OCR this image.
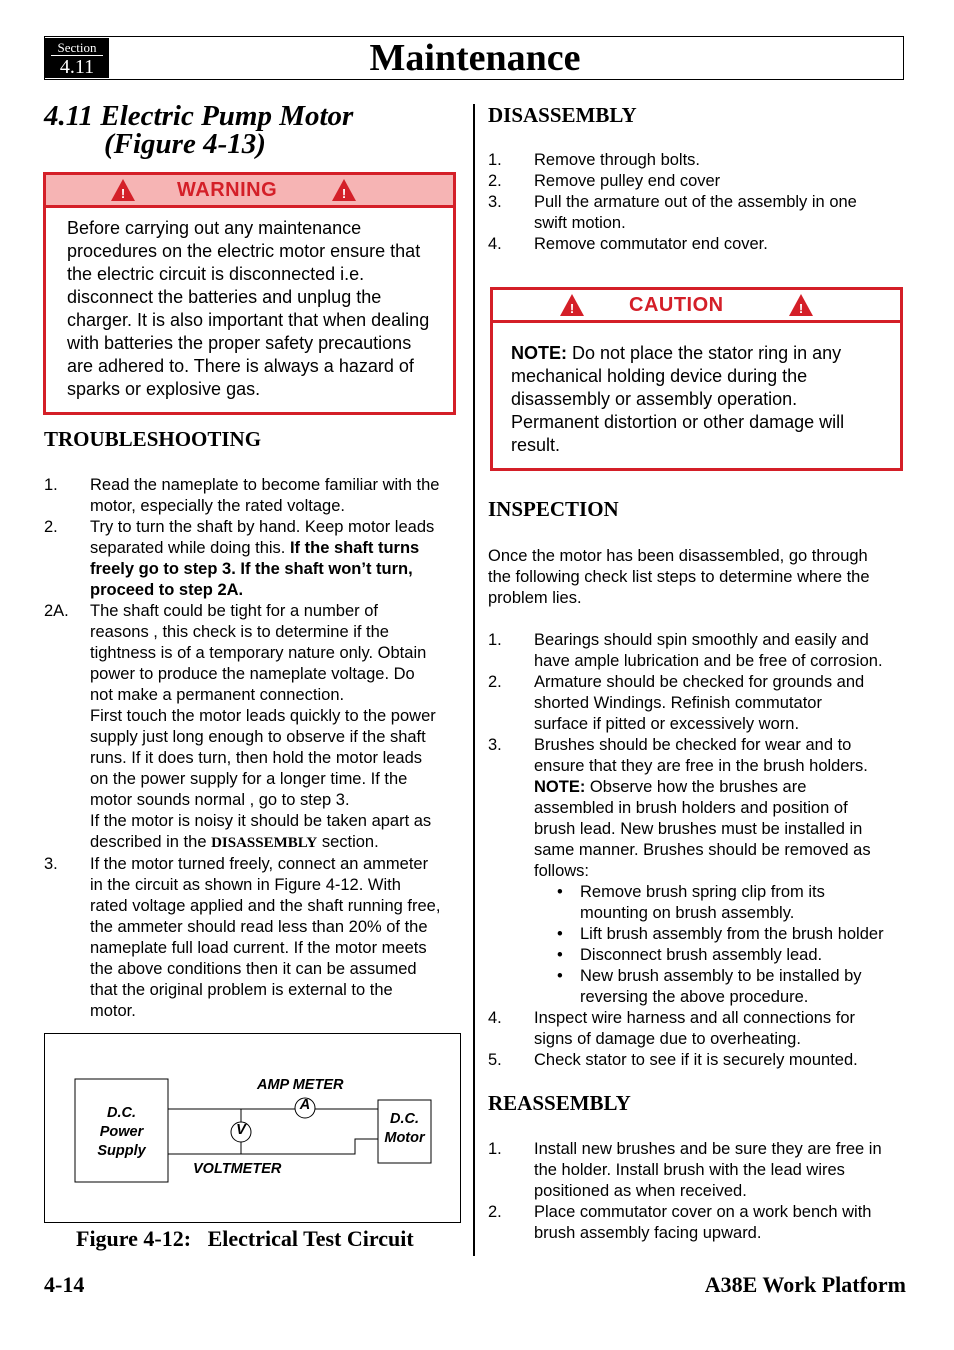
Section
4.11	Maintenance
4.11 Electric Pump Motor
(Figure 4-13)
!	WARNING	!
Before carrying out any maintenance
procedures on the electric motor ensure that
the electric circuit is disconnected i.e.
disconnect the batteries and unplug the
charger. It is also important that when dealing
with batteries the proper safety precautions
are adhered to. There is always a hazard of
sparks or explosive gas.
TROUBLESHOOTING
1. Read the nameplate to become familiar with the
motor, especially the rated voltage.
2. Try to turn the shaft by hand. Keep motor leads
separated while doing this. If the shaft turns
freely go to step 3. If the shaft won’t turn,
proceed to step 2A.
2A. The shaft could be tight for a number of
reasons , this check is to determine if the
tightness is of a temporary nature only. Obtain
power to produce the nameplate voltage. Do
not make a permanent connection.
First touch the motor leads quickly to the power
supply just long enough to observe if the shaft
runs. If it does turn, then hold the motor leads
on the power supply for a longer time. If the
motor sounds normal , go to step 3.
If the motor is noisy it should be taken apart as
described in the DISASSEMBLY section.
3. If the motor turned freely, connect an ammeter
in the circuit as shown in Figure 4-12. With
rated voltage applied and the shaft running free,
the ammeter should read less than 20% of the
nameplate full load current. If the motor meets
the above conditions then it can be assumed
that the original problem is external to the
motor.
D.C.
Power
Supply
D.C.
Motor
AMP METER
A
V
VOLTMETER
Figure 4-12:   Electrical Test Circuit
DISASSEMBLY
1. Remove through bolts.
2. Remove pulley end cover
3. Pull the armature out of the assembly in one
swift motion.
4. Remove commutator end cover.
!	CAUTION	!
NOTE: Do not place the stator ring in any
mechanical holding device during the
disassembly or assembly operation.
Permanent distortion or other damage will
result.
INSPECTION
Once the motor has been disassembled, go through
the following check list steps to determine where the
problem lies.
1. Bearings should spin smoothly and easily and
have ample lubrication and be free of corrosion.
2. Armature should be checked for grounds and
shorted Windings. Refinish commutator
surface if pitted or excessively worn.
3. Brushes should be checked for wear and to
ensure that they are free in the brush holders.
NOTE: Observe how the brushes are
assembled in brush holders and position of
brush lead. New brushes must be installed in
same manner. Brushes should be removed as
follows:
• Remove brush spring clip from its
mounting on brush assembly.
• Lift brush assembly from the brush holder
• Disconnect brush assembly lead.
• New brush assembly to be installed by
reversing the above procedure.
4. Inspect wire harness and all connections for
signs of damage due to overheating.
5. Check stator to see if it is securely mounted.
REASSEMBLY
1. Install new brushes and be sure they are free in
the holder. Install brush with the lead wires
positioned as when received.
2. Place commutator cover on a work bench with
brush assembly facing upward.
4-14	A38E Work Platform
